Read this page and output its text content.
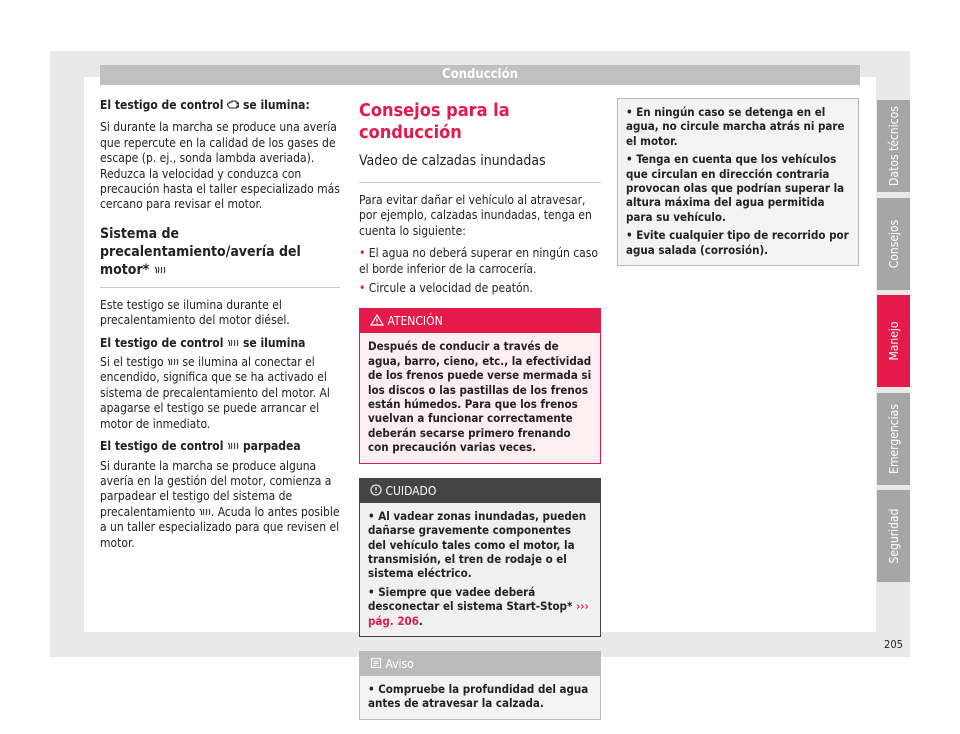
Conducción

El testigo de control se ilumina:

Si durante la marcha se produce una avería que repercute en la calidad de los gases de escape (p. ej., sonda lambda averiada). Reduzca la velocidad y conduzca con precaución hasta el taller especializado más cercano para revisar el motor.

Sistema de precalentamiento/avería del motor*

Este testigo se ilumina durante el precalentamiento del motor diésel.

El testigo de control se ilumina

Si el testigo se ilumina al conectar el encendido, significa que se ha activado el sistema de precalentamiento del motor. Al apagarse el testigo se puede arrancar el motor de inmediato.

El testigo de control parpadea

Si durante la marcha se produce alguna avería en la gestión del motor, comienza a parpadear el testigo del sistema de precalentamiento . Acuda lo antes posible a un taller especializado para que revisen el motor.

Consejos para la conducción
Vadeo de calzadas inundadas

Para evitar dañar el vehículo al atravesar, por ejemplo, calzadas inundadas, tenga en cuenta lo siguiente:

• El agua no deberá superar en ningún caso el borde inferior de la carrocería.

• Circule a velocidad de peatón.

ATENCIÓN
Después de conducir a través de agua, barro, cieno, etc., la efectividad de los frenos puede verse mermada si los discos o las pastillas de los frenos están húmedos. Para que los frenos vuelvan a funcionar correctamente deberán secarse primero frenando con precaución varias veces.
CUIDADO

• Al vadear zonas inundadas, pueden dañarse gravemente componentes del vehículo tales como el motor, la transmisión, el tren de rodaje o el sistema eléctrico.

• Siempre que vadee deberá desconectar el sistema Start-Stop* ››› pág. 206.

Aviso

• Compruebe la profundidad del agua antes de atravesar la calzada.

• En ningún caso se detenga en el agua, no circule marcha atrás ni pare el motor.

• Tenga en cuenta que los vehículos que circulan en dirección contraria provocan olas que podrían superar la altura máxima del agua permitida para su vehículo.

• Evite cualquier tipo de recorrido por agua salada (corrosión).

Datos técnicos
Consejos
Manejo
Emergencias
Seguridad
205
